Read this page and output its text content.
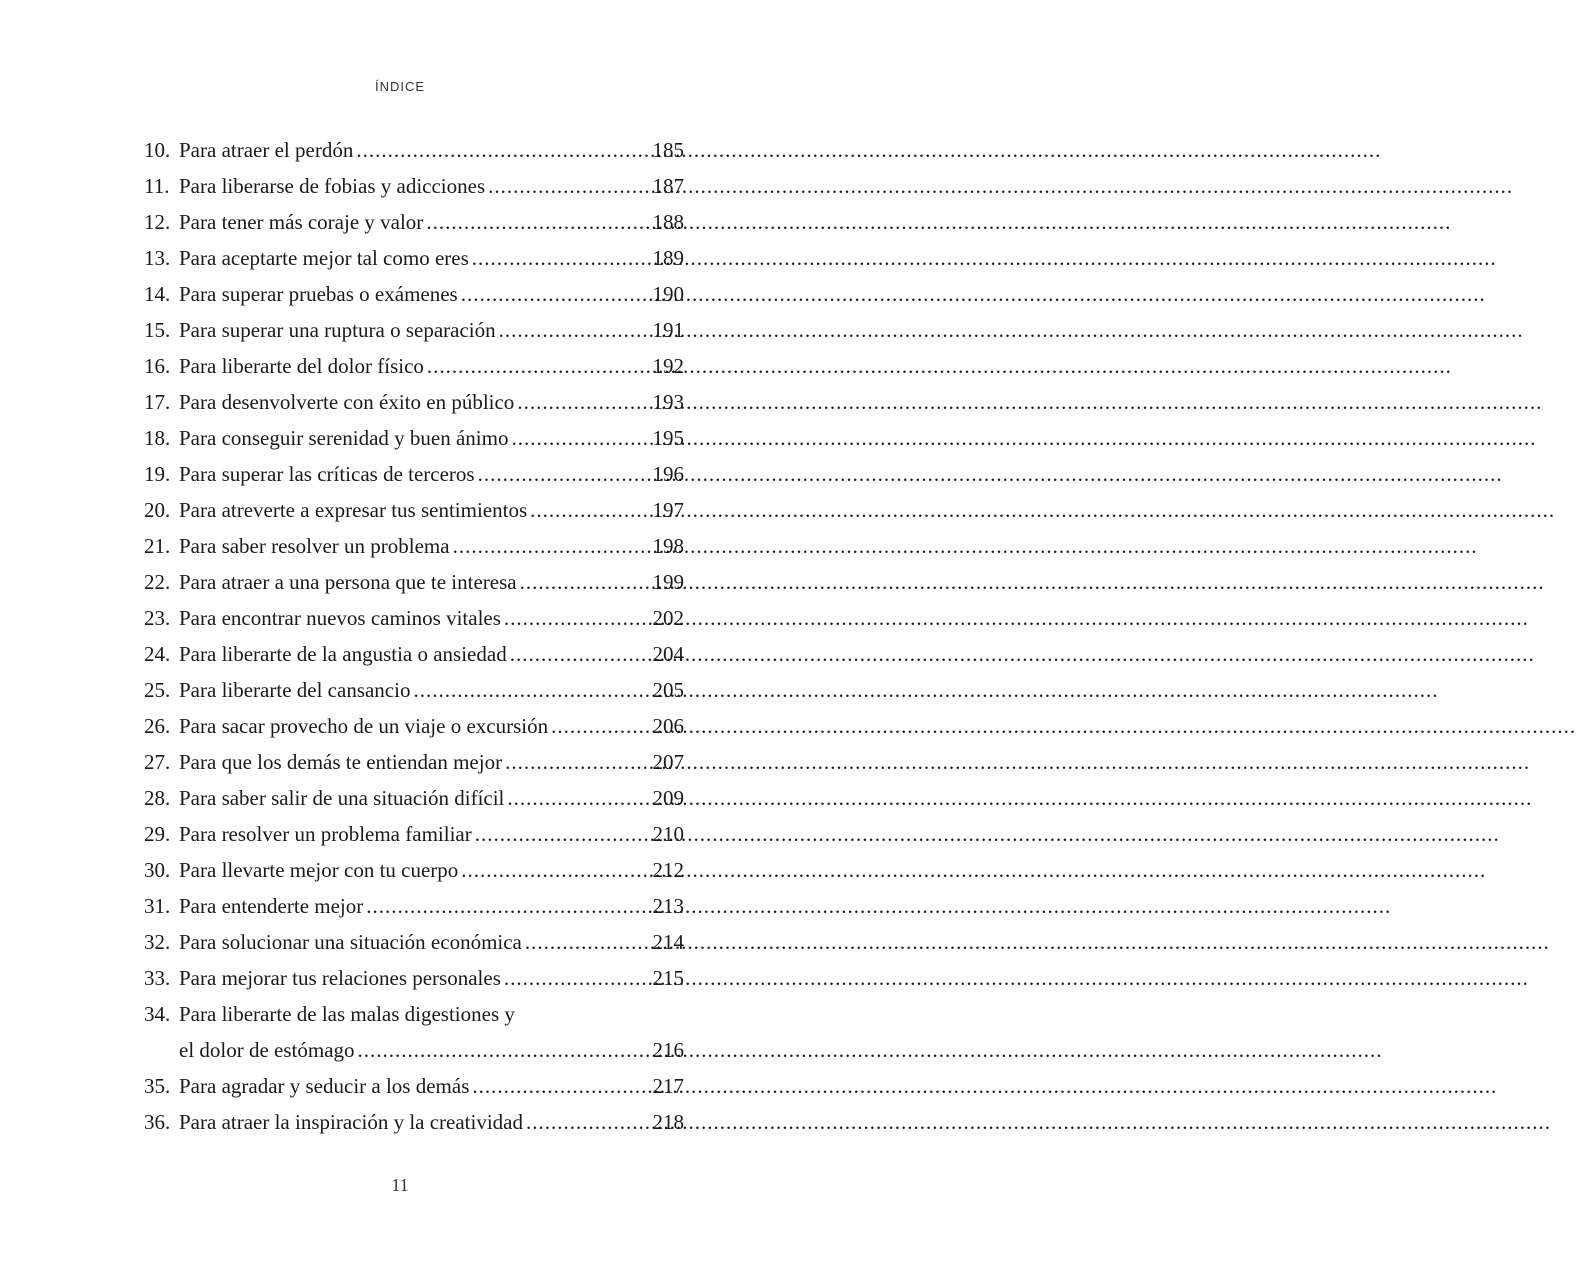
ÍNDICE
10. Para atraer el perdón .....	185
11. Para liberarse de fobias y adicciones .....	187
12. Para tener más coraje y valor .....	188
13. Para aceptarte mejor tal como eres .....	189
14. Para superar pruebas o exámenes .....	190
15. Para superar una ruptura o separación .....	191
16. Para liberarte del dolor físico .....	192
17. Para desenvolverte con éxito en público .....	193
18. Para conseguir serenidad y buen ánimo .....	195
19. Para superar las críticas de terceros .....	196
20. Para atreverte a expresar tus sentimientos .....	197
21. Para saber resolver un problema .....	198
22. Para atraer a una persona que te interesa .....	199
23. Para encontrar nuevos caminos vitales .....	202
24. Para liberarte de la angustia o ansiedad .....	204
25. Para liberarte del cansancio .....	205
26. Para sacar provecho de un viaje o excursión .....	206
27. Para que los demás te entiendan mejor .....	207
28. Para saber salir de una situación difícil .....	209
29. Para resolver un problema familiar .....	210
30. Para llevarte mejor con tu cuerpo .....	212
31. Para entenderte mejor .....	213
32. Para solucionar una situación económica .....	214
33. Para mejorar tus relaciones personales .....	215
34. Para liberarte de las malas digestiones y
el dolor de estómago .....	216
35. Para agradar y seducir a los demás .....	217
36. Para atraer la inspiración y la creatividad .....	218
11
